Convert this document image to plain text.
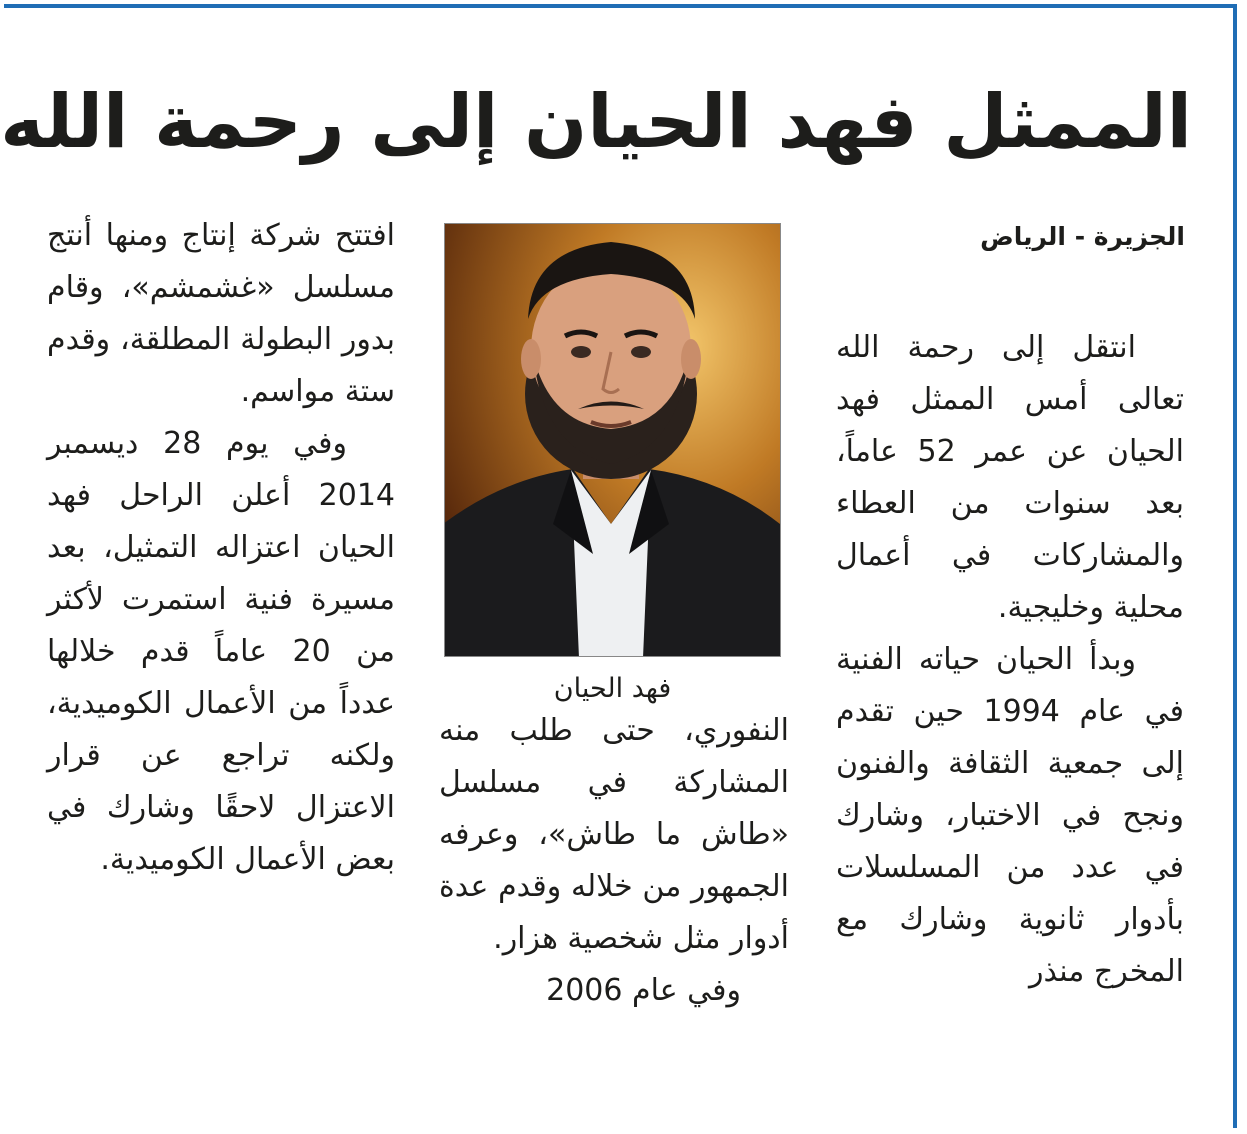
الممثل فهد الحيان إلى رحمة الله
الجزيرة - الرياض

انتقل إلى رحمة الله تعالى أمس الممثل فهد الحيان عن عمر 52 عاماً، بعد سنوات من العطاء والمشاركات في أعمال محلية وخليجية.

وبدأ الحيان حياته الفنية في عام 1994 حين تقدم إلى جمعية الثقافة والفنون ونجح في الاختبار، وشارك في عدد من المسلسلات بأدوار ثانوية وشارك مع المخرج منذر

فهد الحيان

النفوري، حتى طلب منه المشاركة في مسلسل «طاش ما طاش»، وعرفه الجمهور من خلاله وقدم عدة أدوار مثل شخصية هزار.

وفي عام 2006

افتتح شركة إنتاج ومنها أنتج مسلسل «غشمشم»، وقام بدور البطولة المطلقة، وقدم ستة مواسم.

وفي يوم 28 ديسمبر 2014 أعلن الراحل فهد الحيان اعتزاله التمثيل، بعد مسيرة فنية استمرت لأكثر من 20 عاماً قدم خلالها عدداً من الأعمال الكوميدية، ولكنه تراجع عن قرار الاعتزال لاحقًا وشارك في بعض الأعمال الكوميدية.
